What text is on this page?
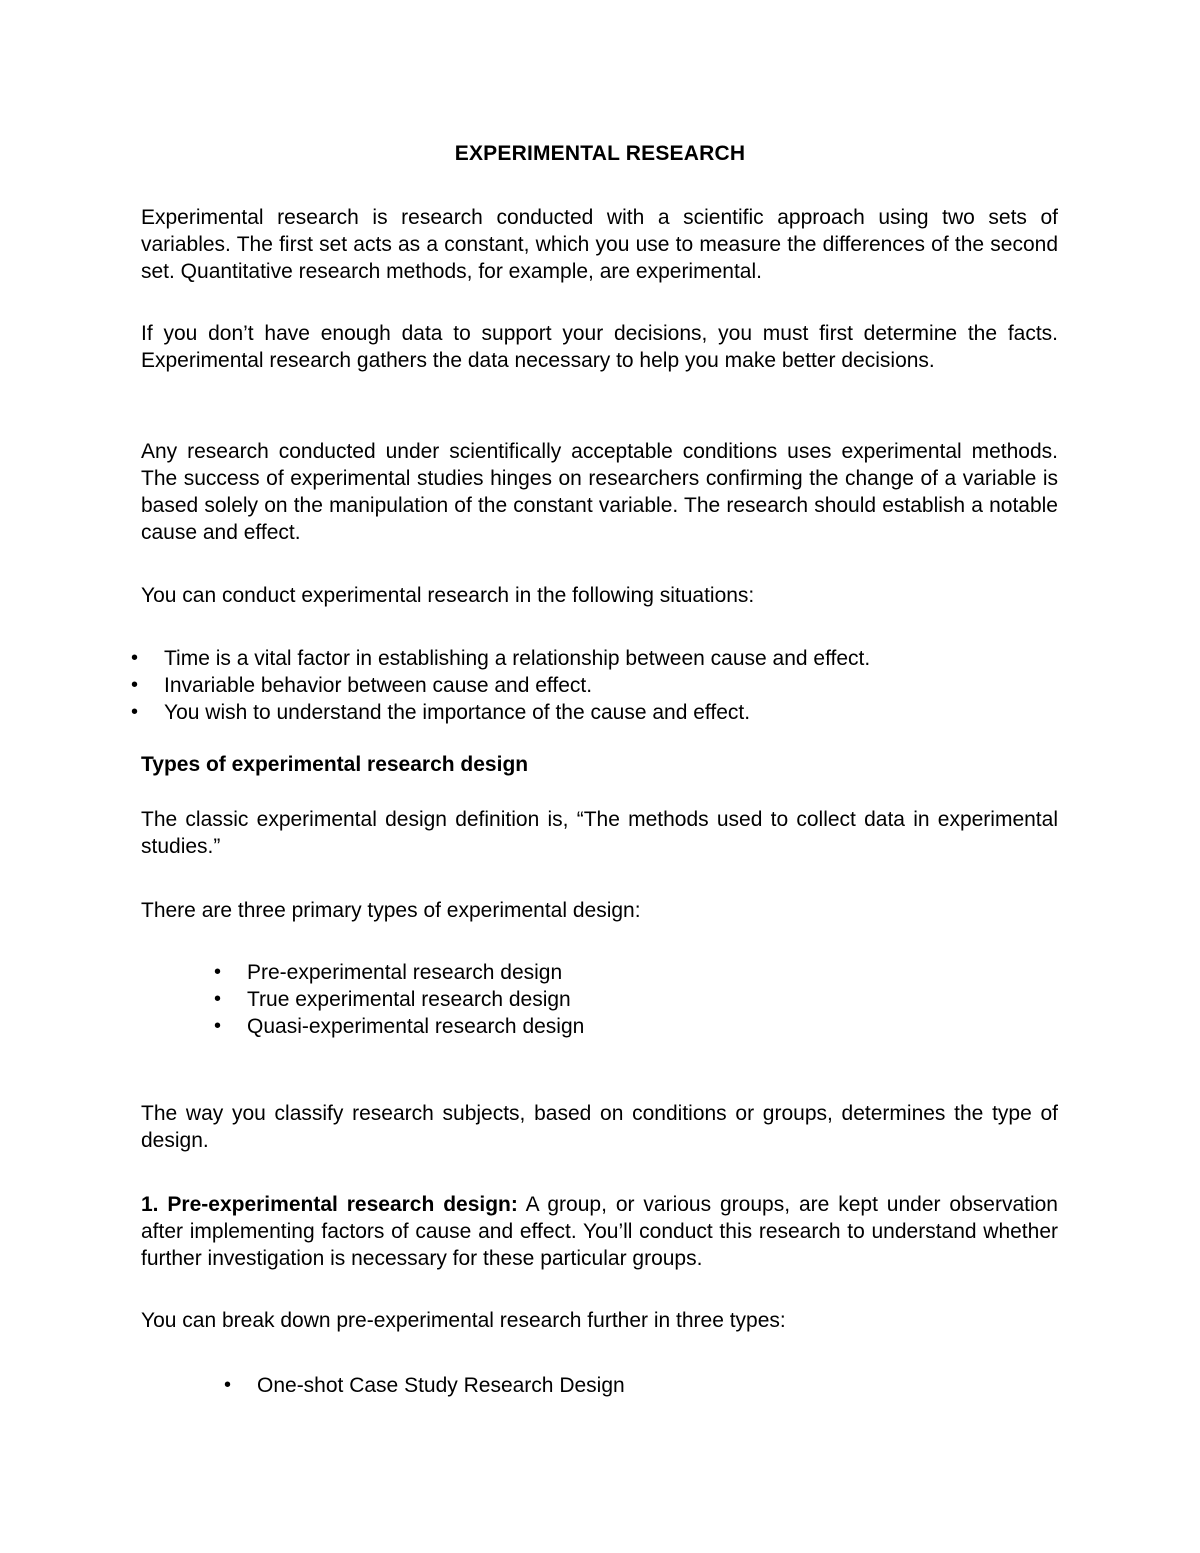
EXPERIMENTAL RESEARCH
Experimental research is research conducted with a scientific approach using two sets of variables. The first set acts as a constant, which you use to measure the differences of the second set. Quantitative research methods, for example, are experimental.
If you don’t have enough data to support your decisions, you must first determine the facts. Experimental research gathers the data necessary to help you make better decisions.
Any research conducted under scientifically acceptable conditions uses experimental methods. The success of experimental studies hinges on researchers confirming the change of a variable is based solely on the manipulation of the constant variable. The research should establish a notable cause and effect.
You can conduct experimental research in the following situations:
• Time is a vital factor in establishing a relationship between cause and effect.
• Invariable behavior between cause and effect.
• You wish to understand the importance of the cause and effect.
Types of experimental research design
The classic experimental design definition is, “The methods used to collect data in experimental studies.”
There are three primary types of experimental design:
• Pre-experimental research design
• True experimental research design
• Quasi-experimental research design
The way you classify research subjects, based on conditions or groups, determines the type of design.
1. Pre-experimental research design: A group, or various groups, are kept under observation after implementing factors of cause and effect. You’ll conduct this research to understand whether further investigation is necessary for these particular groups.
You can break down pre-experimental research further in three types:
• One-shot Case Study Research Design
